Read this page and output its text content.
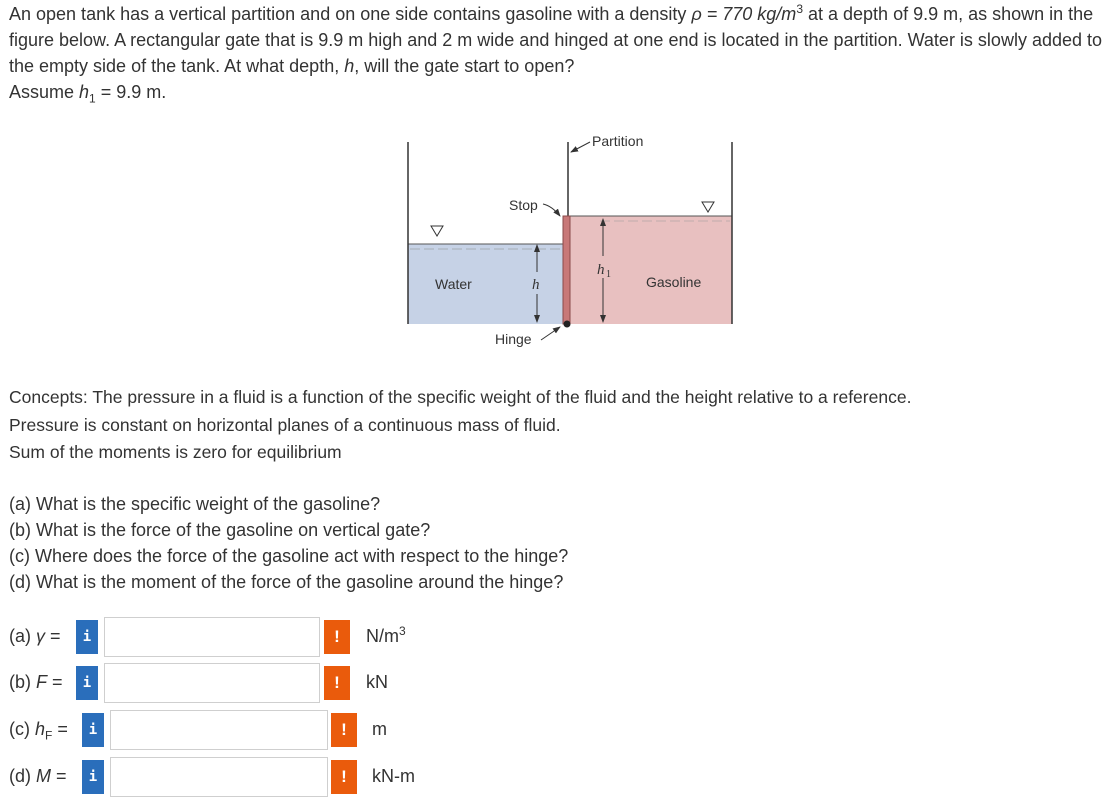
An open tank has a vertical partition and on one side contains gasoline with a density ρ = 770 $kg/m^3$ at a depth of 9.9 m, as shown in the figure below. A rectangular gate that is 9.9 m high and 2 m wide and hinged at one end is located in the partition. Water is slowly added to the empty side of the tank. At what depth, h, will the gate start to open?
Assume $h_1 = 9.9$ m.

Partition
Stop
Water	h
h 1	Gasoline
Hinge

Concepts: The pressure in a fluid is a function of the specific weight of the fluid and the height relative to a reference.
Pressure is constant on horizontal planes of a continuous mass of fluid.
Sum of the moments is zero for equilibrium

(a) What is the specific weight of the gasoline?
(b) What is the force of the gasoline on vertical gate?
(c) Where does the force of the gasoline act with respect to the hinge?
(d) What is the moment of the force of the gasoline around the hinge?

(a) γ =	i	!	$N/m^3$
(b) F =	i	!	kN
(c) $h_F$ =	i	!	m
(d) M =	i	!	kN-m
